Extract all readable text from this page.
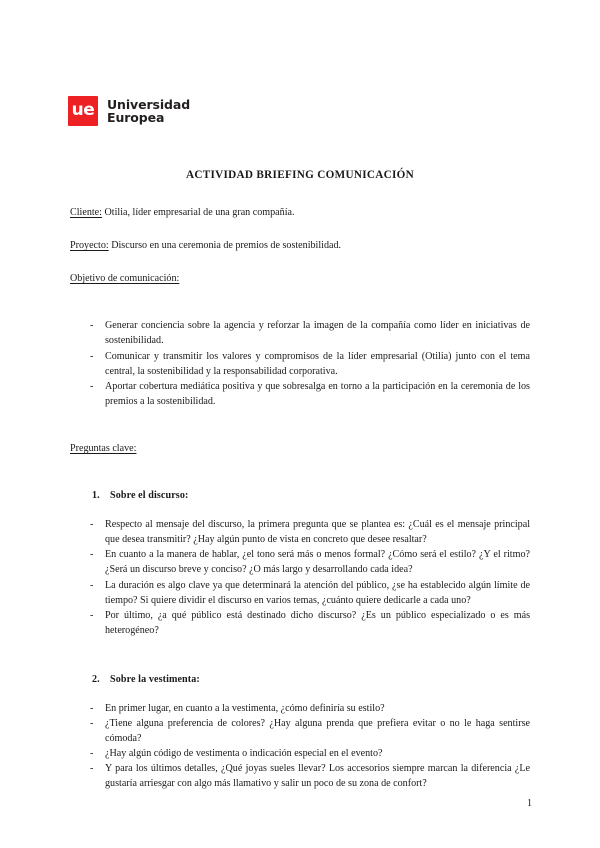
ue Universidad
Europea
ACTIVIDAD BRIEFING COMUNICACIÓN

Cliente: Otilia, líder empresarial de una gran compañía.

Proyecto: Discurso en una ceremonia de premios de sostenibilidad.

Objetivo de comunicación:
- Generar conciencia sobre la agencia y reforzar la imagen de la compañía como líder en iniciativas de sostenibilidad.
- Comunicar y transmitir los valores y compromisos de la líder empresarial (Otilia) junto con el tema central, la sostenibilidad y la responsabilidad corporativa.
- Aportar cobertura mediática positiva y que sobresalga en torno a la participación en la ceremonia de los premios a la sostenibilidad.
Preguntas clave:
1. Sobre el discurso:
- Respecto al mensaje del discurso, la primera pregunta que se plantea es: ¿Cuál es el mensaje principal que desea transmitir? ¿Hay algún punto de vista en concreto que desee resaltar?
- En cuanto a la manera de hablar, ¿el tono será más o menos formal? ¿Cómo será el estilo? ¿Y el ritmo? ¿Será un discurso breve y conciso? ¿O más largo y desarrollando cada idea?
- La duración es algo clave ya que determinará la atención del público, ¿se ha establecido algún límite de tiempo? Si quiere dividir el discurso en varios temas, ¿cuánto quiere dedicarle a cada uno?
- Por último, ¿a qué público está destinado dicho discurso? ¿Es un público especializado o es más heterogéneo?
2. Sobre la vestimenta:
- En primer lugar, en cuanto a la vestimenta, ¿cómo definiría su estilo?
- ¿Tiene alguna preferencia de colores? ¿Hay alguna prenda que prefiera evitar o no le haga sentirse cómoda?
- ¿Hay algún código de vestimenta o indicación especial en el evento?
- Y para los últimos detalles, ¿Qué joyas sueles llevar? Los accesorios siempre marcan la diferencia ¿Le gustaría arriesgar con algo más llamativo y salir un poco de su zona de confort?
1
